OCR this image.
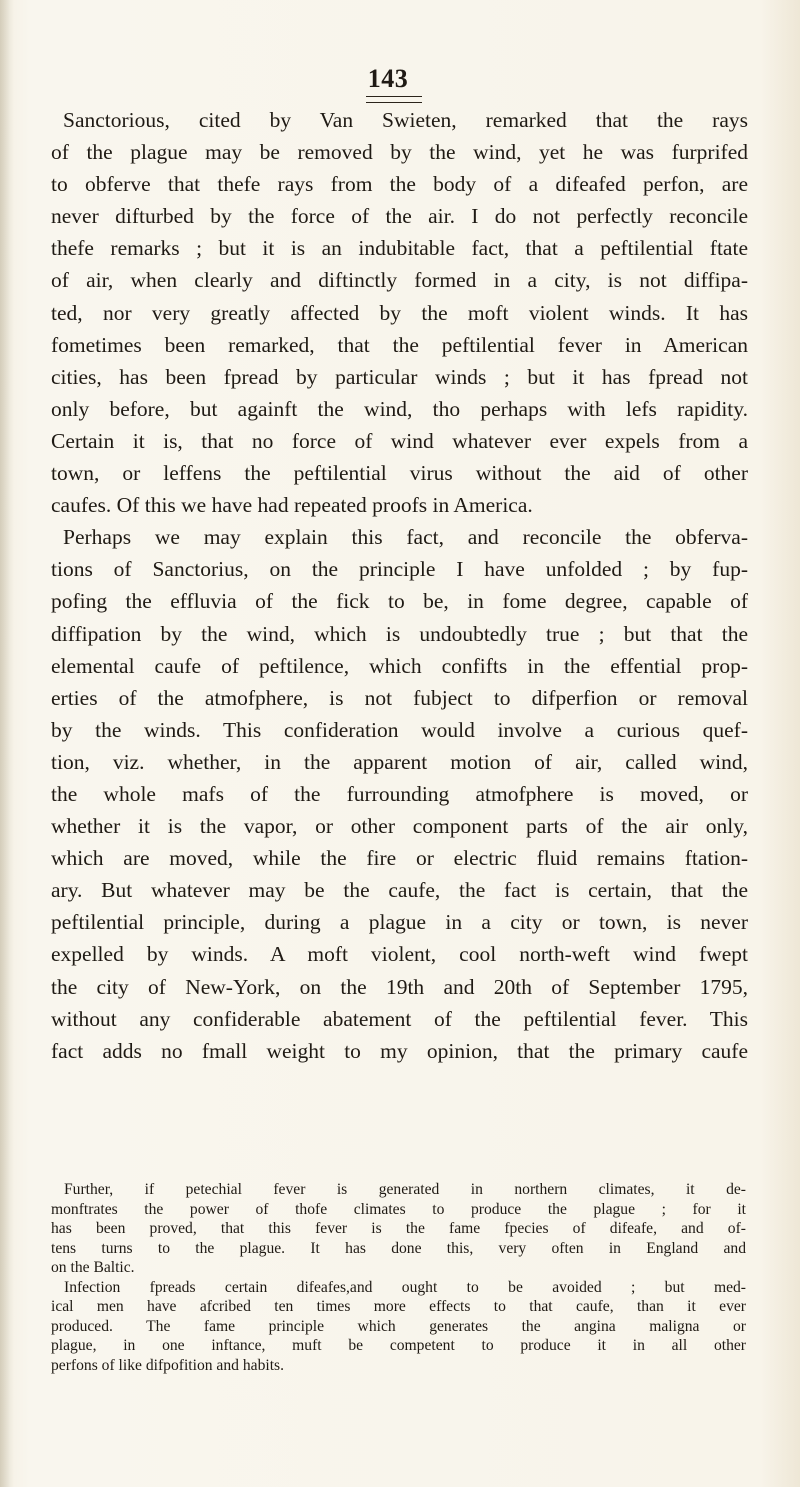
143
Sanctorious, cited by Van Swieten, remarked that the rays
of the plague may be removed by the wind, yet he was furprifed
to obferve that thefe rays from the body of a difeafed perfon, are
never difturbed by the force of the air. I do not perfectly reconcile
thefe remarks ; but it is an indubitable fact, that a peftilential ftate
of air, when clearly and diftinctly formed in a city, is not diffipa-
ted, nor very greatly affected by the moft violent winds. It has
fometimes been remarked, that the peftilential fever in American
cities, has been fpread by particular winds ; but it has fpread not
only before, but againft the wind, tho perhaps with lefs rapidity.
Certain it is, that no force of wind whatever ever expels from a
town, or leffens the peftilential virus without the aid of other
caufes. Of this we have had repeated proofs in America.
Perhaps we may explain this fact, and reconcile the obferva-
tions of Sanctorius, on the principle I have unfolded ; by fup-
pofing the effluvia of the fick to be, in fome degree, capable of
diffipation by the wind, which is undoubtedly true ; but that the
elemental caufe of peftilence, which confifts in the effential prop-
erties of the atmofphere, is not fubject to difperfion or removal
by the winds. This confideration would involve a curious quef-
tion, viz. whether, in the apparent motion of air, called wind,
the whole mafs of the furrounding atmofphere is moved, or
whether it is the vapor, or other component parts of the air only,
which are moved, while the fire or electric fluid remains ftation-
ary. But whatever may be the caufe, the fact is certain, that the
peftilential principle, during a plague in a city or town, is never
expelled by winds. A moft violent, cool north-weft wind fwept
the city of New-York, on the 19th and 20th of September 1795,
without any confiderable abatement of the peftilential fever. This
fact adds no fmall weight to my opinion, that the primary caufe
Further, if petechial fever is generated in northern climates, it de-
monftrates the power of thofe climates to produce the plague ; for it
has been proved, that this fever is the fame fpecies of difeafe, and of-
tens turns to the plague. It has done this, very often in England and
on the Baltic.
Infection fpreads certain difeafes,and ought to be avoided ; but med-
ical men have afcribed ten times more effects to that caufe, than it ever
produced. The fame principle which generates the angina maligna or
plague, in one inftance, muft be competent to produce it in all other
perfons of like difpofition and habits.
